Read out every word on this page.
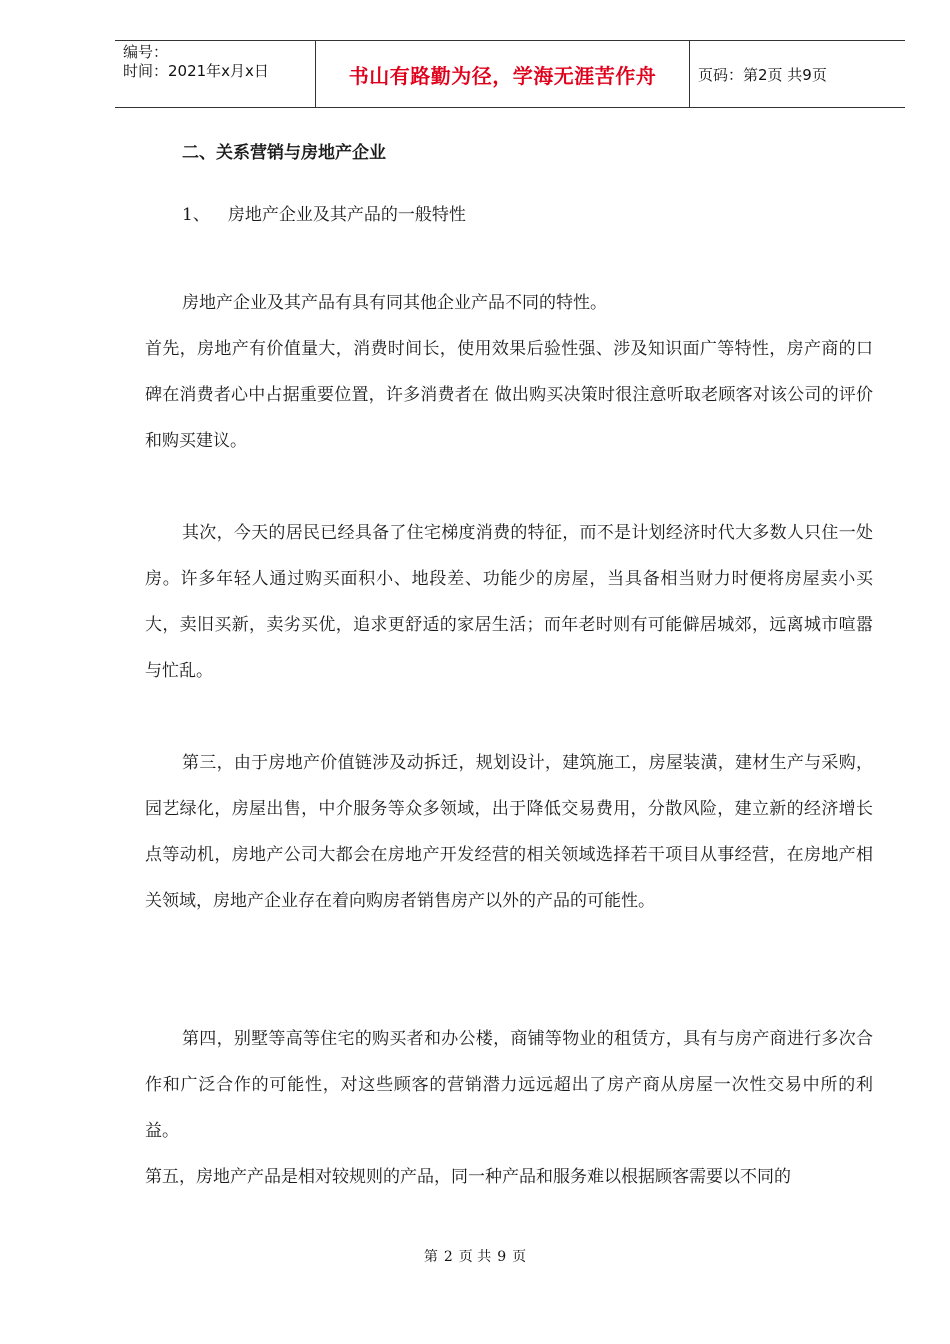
编号：
时间：2021年x月x日	书山有路勤为径，学海无涯苦作舟	页码：第2页 共9页
二、关系营销与房地产企业
1、 房地产企业及其产品的一般特性

房地产企业及其产品有具有同其他企业产品不同的特性。

首先，房地产有价值量大，消费时间长，使用效果后验性强、涉及知识面广等特性，房产商的口碑在消费者心中占据重要位置，许多消费者在 做出购买决策时很注意听取老顾客对该公司的评价和购买建议。

其次，今天的居民已经具备了住宅梯度消费的特征，而不是计划经济时代大多数人只住一处房。许多年轻人通过购买面积小、地段差、功能少的房屋，当具备相当财力时便将房屋卖小买大，卖旧买新，卖劣买优，追求更舒适的家居生活；而年老时则有可能僻居城郊，远离城市喧嚣与忙乱。

第三，由于房地产价值链涉及动拆迁，规划设计，建筑施工，房屋装潢，建材生产与采购，园艺绿化，房屋出售，中介服务等众多领域，出于降低交易费用，分散风险，建立新的经济增长点等动机，房地产公司大都会在房地产开发经营的相关领域选择若干项目从事经营，在房地产相关领域，房地产企业存在着向购房者销售房产以外的产品的可能性。

第四，别墅等高等住宅的购买者和办公楼，商铺等物业的租赁方，具有与房产商进行多次合作和广泛合作的可能性，对这些顾客的营销潜力远远超出了房产商从房屋一次性交易中所的利益。

第五，房地产产品是相对较规则的产品，同一种产品和服务难以根据顾客需要以不同的

第 2 页 共 9 页
